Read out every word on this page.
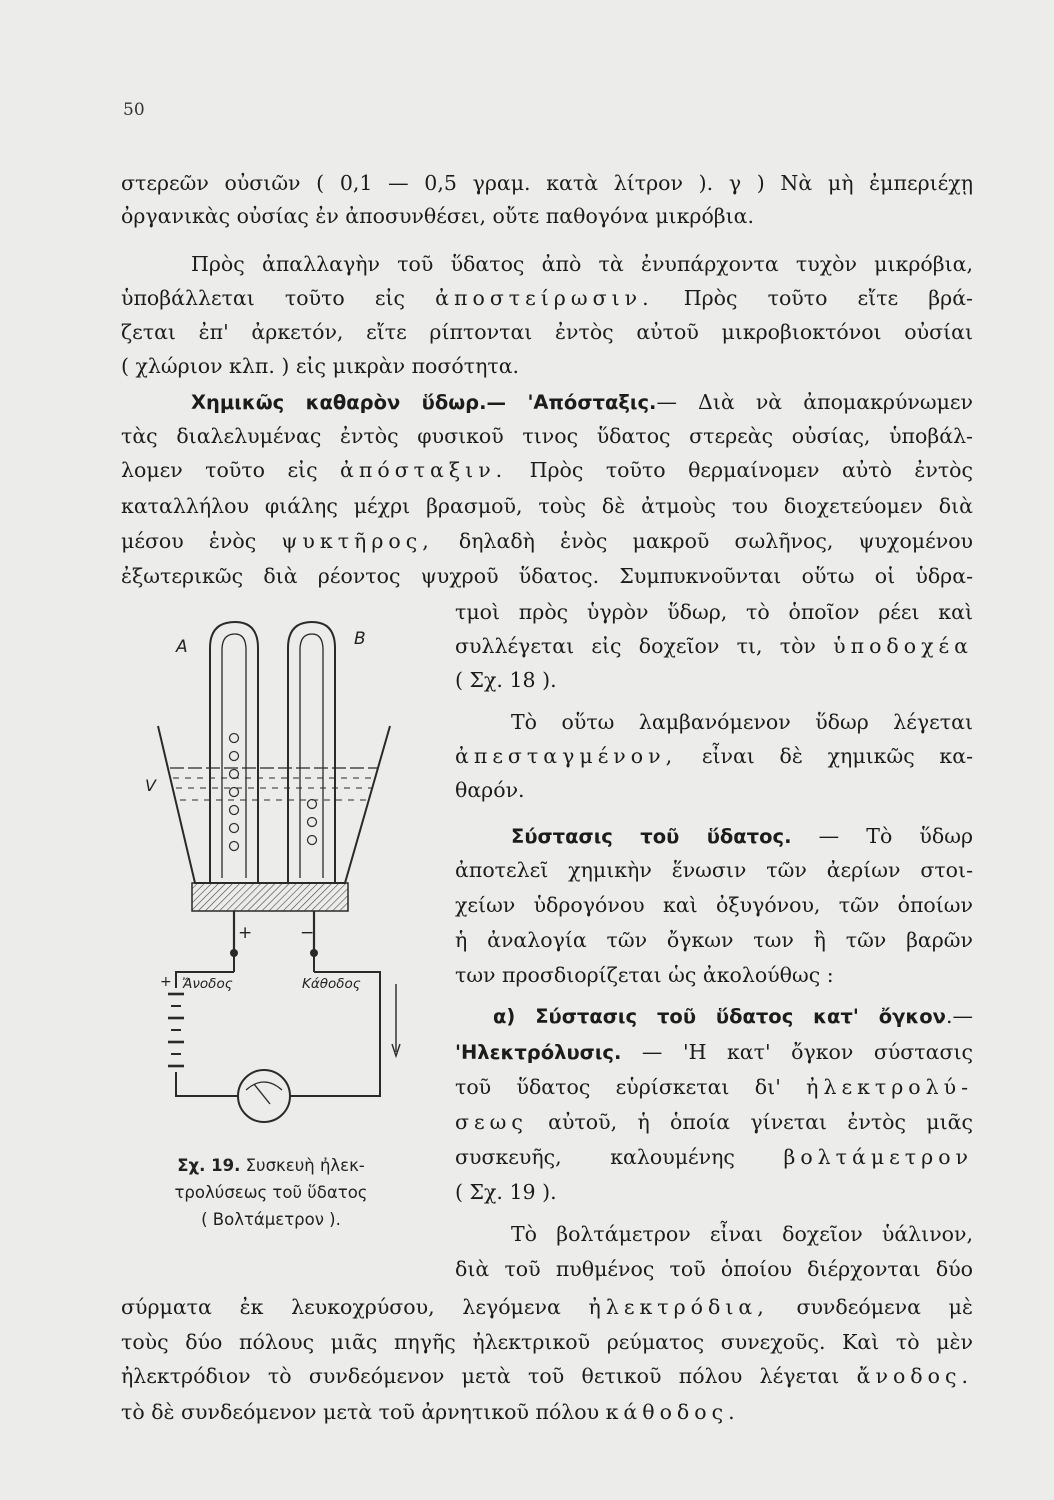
50
στερεῶν οὐσιῶν ( 0,1 — 0,5 γραμ. κατὰ λίτρον ). γ ) Νὰ μὴ ἐμπεριέχῃ
ὀργανικὰς οὐσίας ἐν ἀποσυνθέσει, οὔτε παθογόνα μικρόβια.
Πρὸς ἀπαλλαγὴν τοῦ ὕδατος ἀπὸ τὰ ἐνυπάρχοντα τυχὸν μικρόβια,
ὑποβάλλεται τοῦτο εἰς ἀποστείρωσιν. Πρὸς τοῦτο εἴτε βρά-
ζεται ἐπ' ἀρκετόν, εἴτε ρίπτονται ἐντὸς αὐτοῦ μικροβιοκτόνοι οὐσίαι
( χλώριον κλπ. ) εἰς μικρὰν ποσότητα.
Χημικῶς καθαρὸν ὕδωρ.— 'Απόσταξις.— Διὰ νὰ ἀπομακρύνωμεν
τὰς διαλελυμένας ἐντὸς φυσικοῦ τινος ὕδατος στερεὰς οὐσίας, ὑποβάλ-
λομεν τοῦτο εἰς ἀπόσταξιν. Πρὸς τοῦτο θερμαίνομεν αὐτὸ ἐντὸς
καταλλήλου φιάλης μέχρι βρασμοῦ, τοὺς δὲ ἀτμοὺς του διοχετεύομεν διὰ
μέσου ἑνὸς ψυκτῆρος, δηλαδὴ ἑνὸς μακροῦ σωλῆνος, ψυχομένου
ἐξωτερικῶς διὰ ρέοντος ψυχροῦ ὕδατος. Συμπυκνοῦνται οὕτω οἱ ὑδρα-
τμοὶ πρὸς ὑγρὸν ὕδωρ, τὸ ὁποῖον ρέει καὶ
συλλέγεται εἰς δοχεῖον τι, τὸν ὑποδοχέα
( Σχ. 18 ).
Τὸ οὕτω λαμβανόμενον ὕδωρ λέγεται
ἀπεσταγμένον, εἶναι δὲ χημικῶς κα-
θαρόν.
Σύστασις τοῦ ὕδατος. — Τὸ ὕδωρ
ἀποτελεῖ χημικὴν ἕνωσιν τῶν ἀερίων στοι-
χείων ὑδρογόνου καὶ ὀξυγόνου, τῶν ὁποίων
ἡ ἀναλογία τῶν ὄγκων των ἢ τῶν βαρῶν
των προσδιορίζεται ὡς ἀκολούθως :
α) Σύστασις τοῦ ὕδατος κατ' ὄγκον.—
'Ηλεκτρόλυσις. — 'Η κατ' ὄγκον σύστασις
τοῦ ὕδατος εὑρίσκεται δι' ἠλεκτρολύ-
σεως αὐτοῦ, ἡ ὁποία γίνεται ἐντὸς μιᾶς
συσκευῆς, καλουμένης βολτάμετρον
( Σχ. 19 ).
Τὸ βολτάμετρον εἶναι δοχεῖον ὑάλινον,
διὰ τοῦ πυθμένος τοῦ ὁποίου διέρχονται δύο
σύρματα ἐκ λευκοχρύσου, λεγόμενα ἠλεκτρόδια, συνδεόμενα μὲ
τοὺς δύο πόλους μιᾶς πηγῆς ἠλεκτρικοῦ ρεύματος συνεχοῦς. Καὶ τὸ μὲν
ἠλεκτρόδιον τὸ συνδεόμενον μετὰ τοῦ θετικοῦ πόλου λέγεται ἄνοδος.
τὸ δὲ συνδεόμενον μετὰ τοῦ ἀρνητικοῦ πόλου κάθοδος.
A	B
V
+	−
+ Ἄνοδος	Κάθοδος
Σχ. 19. Συσκευὴ ἠλεκ-
τρολύσεως τοῦ ὕδατος
( Βολτάμετρον ).
